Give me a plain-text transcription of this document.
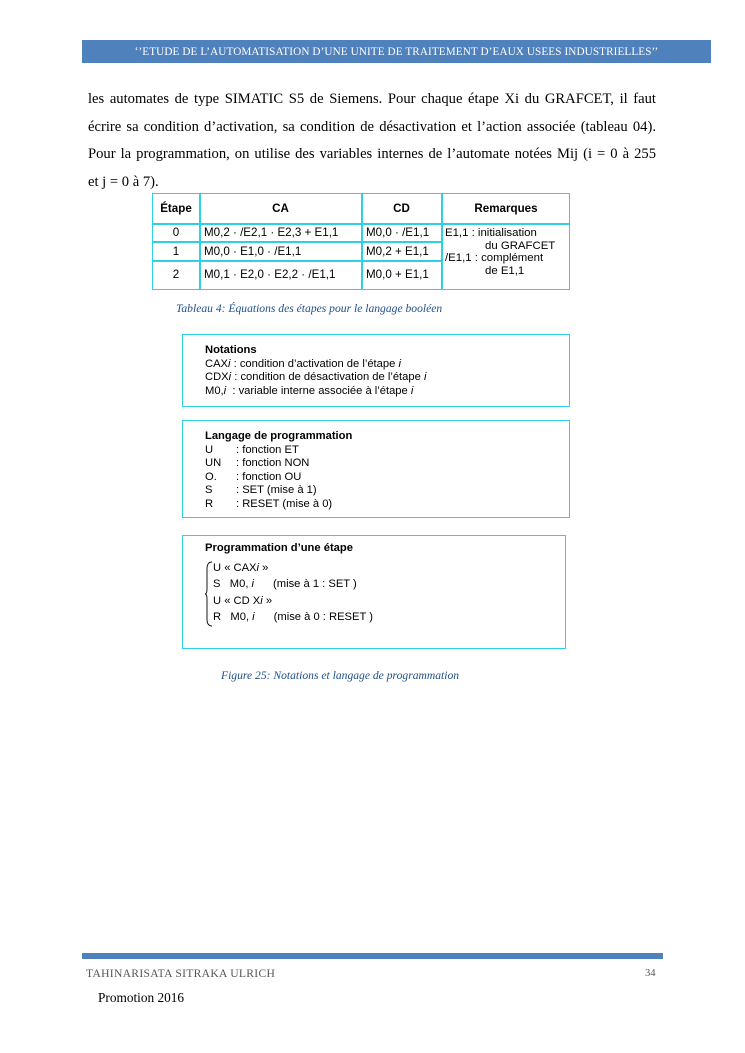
‘’ETUDE DE L’AUTOMATISATION D’UNE UNITE DE TRAITEMENT D’EAUX USEES INDUSTRIELLES’’
les automates de type SIMATIC S5 de Siemens. Pour chaque étape Xi du GRAFCET, il faut
écrire sa condition d’activation, sa condition de désactivation et l’action associée (tableau 04).
Pour la programmation, on utilise des variables internes de l’automate notées Mij (i = 0 à 255
et j = 0 à 7).
Étape	CA	CD	Remarques
0	M0,2 · /E2,1 · E2,3 + E1,1	M0,0 · /E1,1
1	M0,0 · E1,0 · /E1,1	M0,2 + E1,1
2	M0,1 · E2,0 · E2,2 · /E1,1	M0,0 + E1,1
E1,1 : initialisation
du GRAFCET
/E1,1 : complément
de E1,1
Tableau 4: Équations des étapes pour le langage booléen
Notations
CAXi : condition d’activation de l’étape i
CDXi : condition de désactivation de l’étape i
M0,i  : variable interne associée à l’étape i
Langage de programmation
U : fonction ET
UN : fonction NON
O. : fonction OU
S : SET (mise à 1)
R : RESET (mise à 0)
Programmation d’une étape
U « CAXi »
S   M0, i (mise à 1 : SET )
U « CD Xi »
R   M0, i (mise à 0 : RESET )
Figure 25: Notations et langage de programmation
TAHINARISATA SITRAKA ULRICH	34
Promotion 2016
